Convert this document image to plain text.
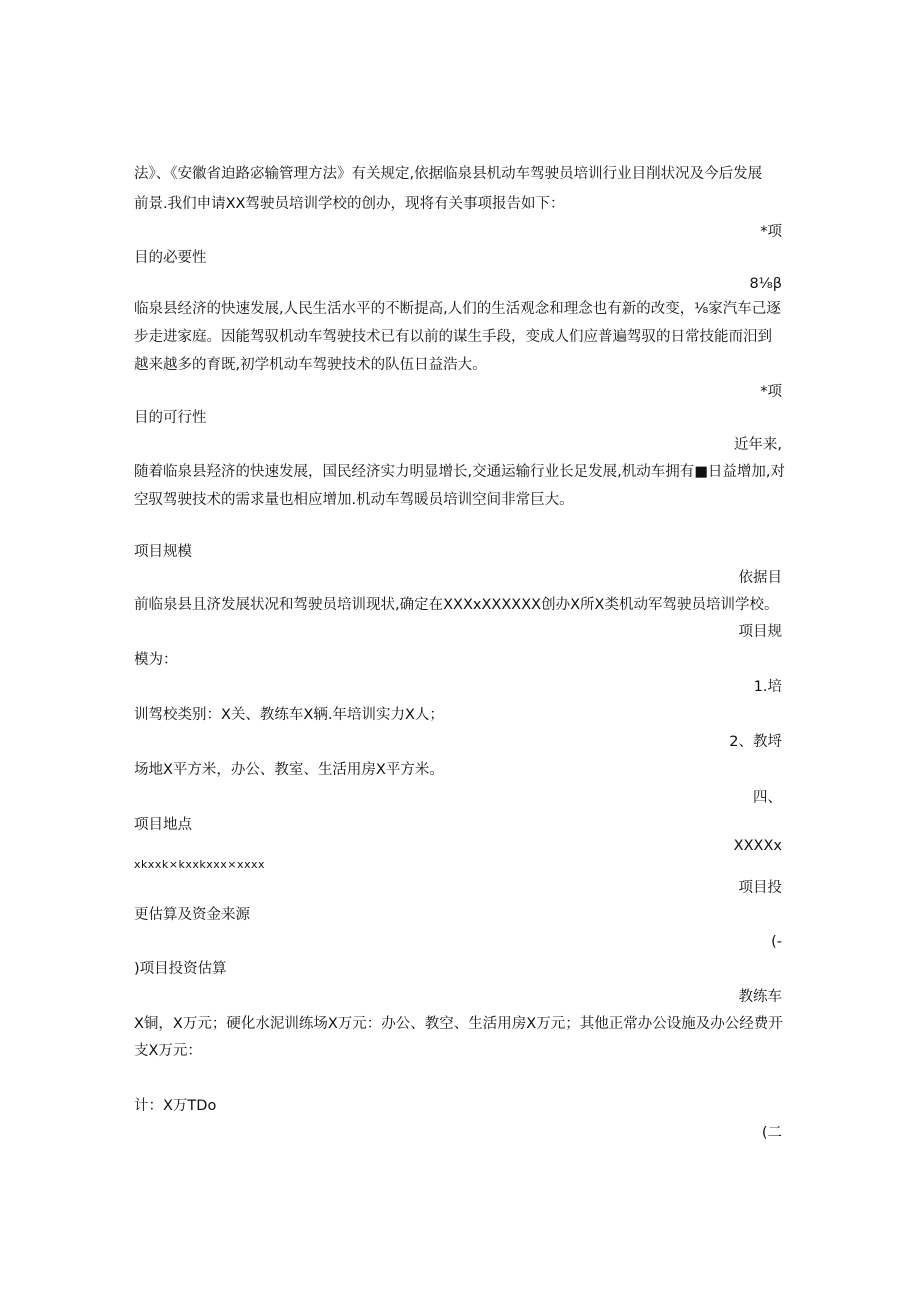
法》、《安徽省迫路宓输管理方法》有关规定,依据临泉县机动车驾驶员培训行业目削状况及今后发展
前景.我们申请XX驾驶员培训学校的创办，现将有关事项报告如下：
*项
目的必要性
8⅛β
临泉县经济的快速发展,人民生活水平的不断提高,人们的生活观念和理念也有新的改变，⅛家汽车己逐
步走进家庭。因能驾驭机动车驾驶技术已有以前的谋生手段，变成人们应普遍驾驭的日常技能而汨到
越来越多的育既,初学机动车驾驶技术的队伍日益浩大。
*项
目的可行性
近年来,
随着临泉县羟济的快速发展，国民经济实力明显增长,交通运输行业长足发展,机动车拥有■日益增加,对
空驭驾驶技术的需求量也相应增加.机动车驾暖员培训空间非常巨大。
项目规模
依据目
前临泉县且济发展状况和驾驶员培训现状,确定在XXXxXXXXXX创办X所X类机动军驾驶员培训学校。
项目规
模为：
1.培
训驾校类别：X关、教练车X辆.年培训实力X人；
2、教埒
场地X平方米，办公、教室、生活用房X平方米。
四、
项目地点
XXXXx
xkxxk×kxxkxxx×xxxx
项目投
更估算及资金来源
(-
)项目投资估算
教练车
X铜，X万元；硬化水泥训练场X万元：办公、教空、生活用房X万元；其他正常办公设施及办公经费开
支X万元：
计：X万TDo
(二
